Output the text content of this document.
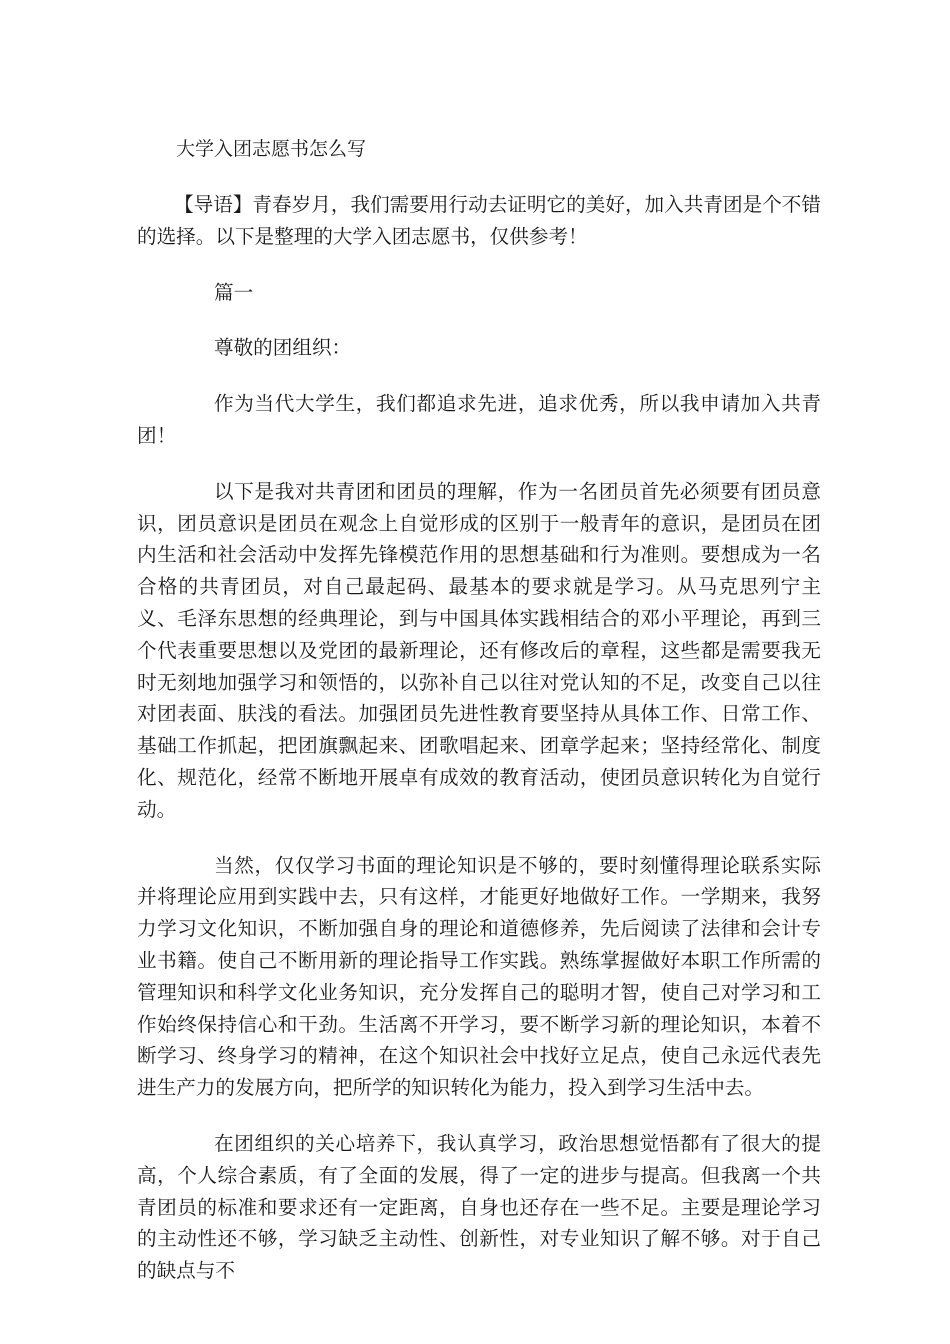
大学入团志愿书怎么写

【导语】青春岁月，我们需要用行动去证明它的美好，加入共青团是个不错的选择。以下是整理的大学入团志愿书，仅供参考！

篇一

尊敬的团组织：

作为当代大学生，我们都追求先进，追求优秀，所以我申请加入共青团！

以下是我对共青团和团员的理解，作为一名团员首先必须要有团员意识，团员意识是团员在观念上自觉形成的区别于一般青年的意识，是团员在团内生活和社会活动中发挥先锋模范作用的思想基础和行为准则。要想成为一名合格的共青团员，对自己最起码、最基本的要求就是学习。从马克思列宁主义、毛泽东思想的经典理论，到与中国具体实践相结合的邓小平理论，再到三个代表重要思想以及党团的最新理论，还有修改后的章程，这些都是需要我无时无刻地加强学习和领悟的，以弥补自己以往对党认知的不足，改变自己以往对团表面、肤浅的看法。加强团员先进性教育要坚持从具体工作、日常工作、基础工作抓起，把团旗飘起来、团歌唱起来、团章学起来；坚持经常化、制度化、规范化，经常不断地开展卓有成效的教育活动，使团员意识转化为自觉行动。

当然，仅仅学习书面的理论知识是不够的，要时刻懂得理论联系实际并将理论应用到实践中去，只有这样，才能更好地做好工作。一学期来，我努力学习文化知识，不断加强自身的理论和道德修养，先后阅读了法律和会计专业书籍。使自己不断用新的理论指导工作实践。熟练掌握做好本职工作所需的管理知识和科学文化业务知识，充分发挥自己的聪明才智，使自己对学习和工作始终保持信心和干劲。生活离不开学习，要不断学习新的理论知识，本着不断学习、终身学习的精神，在这个知识社会中找好立足点，使自己永远代表先进生产力的发展方向，把所学的知识转化为能力，投入到学习生活中去。

在团组织的关心培养下，我认真学习，政治思想觉悟都有了很大的提高，个人综合素质，有了全面的发展，得了一定的进步与提高。但我离一个共青团员的标准和要求还有一定距离，自身也还存在一些不足。主要是理论学习的主动性还不够，学习缺乏主动性、创新性，对专业知识了解不够。对于自己的缺点与不
